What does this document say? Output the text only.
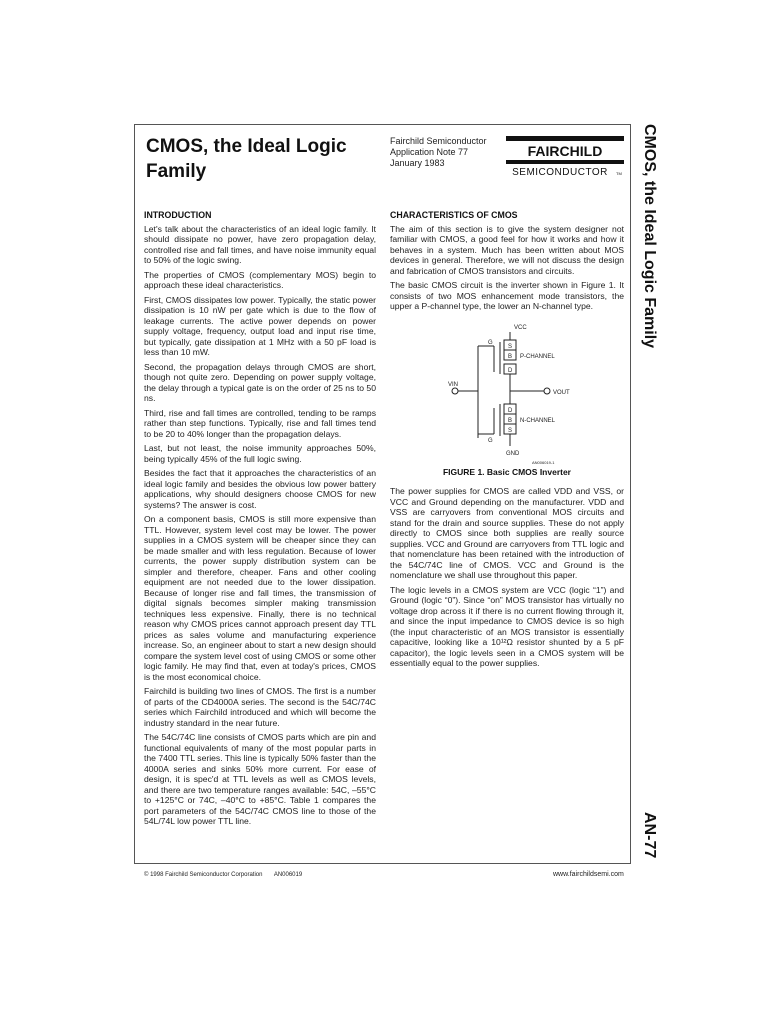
CMOS, the Ideal Logic Family
Fairchild Semiconductor
Application Note 77
January 1983
FAIRCHILD
SEMICONDUCTOR TM
INTRODUCTION

Let's talk about the characteristics of an ideal logic family. It should dissipate no power, have zero propagation delay, controlled rise and fall times, and have noise immunity equal to 50% of the logic swing.

The properties of CMOS (complementary MOS) begin to approach these ideal characteristics.

First, CMOS dissipates low power. Typically, the static power dissipation is 10 nW per gate which is due to the flow of leakage currents. The active power depends on power supply voltage, frequency, output load and input rise time, but typically, gate dissipation at 1 MHz with a 50 pF load is less than 10 mW.

Second, the propagation delays through CMOS are short, though not quite zero. Depending on power supply voltage, the delay through a typical gate is on the order of 25 ns to 50 ns.

Third, rise and fall times are controlled, tending to be ramps rather than step functions. Typically, rise and fall times tend to be 20 to 40% longer than the propagation delays.

Last, but not least, the noise immunity approaches 50%, being typically 45% of the full logic swing.

Besides the fact that it approaches the characteristics of an ideal logic family and besides the obvious low power battery applications, why should designers choose CMOS for new systems? The answer is cost.

On a component basis, CMOS is still more expensive than TTL. However, system level cost may be lower. The power supplies in a CMOS system will be cheaper since they can be made smaller and with less regulation. Because of lower currents, the power supply distribution system can be simpler and therefore, cheaper. Fans and other cooling equipment are not needed due to the lower dissipation. Because of longer rise and fall times, the transmission of digital signals becomes simpler making transmission techniques less expensive. Finally, there is no technical reason why CMOS prices cannot approach present day TTL prices as sales volume and manufacturing experience increase. So, an engineer about to start a new design should compare the system level cost of using CMOS or some other logic family. He may find that, even at today's prices, CMOS is the most economical choice.

Fairchild is building two lines of CMOS. The first is a number of parts of the CD4000A series. The second is the 54C/74C series which Fairchild introduced and which will become the industry standard in the near future.

The 54C/74C line consists of CMOS parts which are pin and functional equivalents of many of the most popular parts in the 7400 TTL series. This line is typically 50% faster than the 4000A series and sinks 50% more current. For ease of design, it is spec'd at TTL levels as well as CMOS levels, and there are two temperature ranges available: 54C, –55°C to +125°C or 74C, –40°C to +85°C. Table 1 compares the port parameters of the 54C/74C CMOS line to those of the 54L/74L low power TTL line.

CHARACTERISTICS OF CMOS

The aim of this section is to give the system designer not familiar with CMOS, a good feel for how it works and how it behaves in a system. Much has been written about MOS devices in general. Therefore, we will not discuss the design and fabrication of CMOS transistors and circuits.

The basic CMOS circuit is the inverter shown in Figure 1. It consists of two MOS enhancement mode transistors, the upper a P-channel type, the lower an N-channel type.

VCC
G
S
B
D
P-CHANNEL
VIN
VOUT
D
B
S
N-CHANNEL
G
GND
AN006019-1
FIGURE 1. Basic CMOS Inverter

The power supplies for CMOS are called VDD and VSS, or VCC and Ground depending on the manufacturer. VDD and VSS are carryovers from conventional MOS circuits and stand for the drain and source supplies. These do not apply directly to CMOS since both supplies are really source supplies. VCC and Ground are carryovers from TTL logic and that nomenclature has been retained with the introduction of the 54C/74C line of CMOS. VCC and Ground is the nomenclature we shall use throughout this paper.

The logic levels in a CMOS system are VCC (logic “1”) and Ground (logic “0”). Since “on” MOS transistor has virtually no voltage drop across it if there is no current flowing through it, and since the input impedance to CMOS device is so high (the input characteristic of an MOS transistor is essentially capacitive, looking like a 10¹²Ω resistor shunted by a 5 pF capacitor), the logic levels seen in a CMOS system will be essentially equal to the power supplies.

CMOS, the Ideal Logic Family
AN-77
© 1998 Fairchild Semiconductor Corporation AN006019	www.fairchildsemi.com
